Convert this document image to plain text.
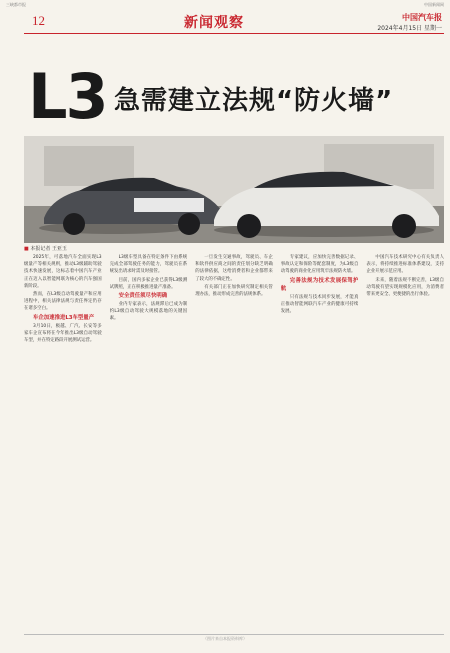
三峡都市报	中国新闻网
12	新闻观察	中国汽车报
2024年4月15日 星期一
L3 急需建立法规“防火墙”
■ 本报记者 王亚玉

2025年，可落地汽车全面实现L3级量产等相关规则，推动L3级辅助驾驶技术快速发展，这标志着中国汽车产业正在迈入以智能网联为核心的汽车强国新阶段。

然而，在L3级自动驾驶量产和应用进程中，相关法律法规与责任界定仍存在诸多空白。

车企加速推进L3车型量产

3月10日，极越、广汽、长安等多家车企宣布将在今年推出L3级自动驾驶车型，并在特定路段开展测试运营。

L3级车型具备在特定条件下由系统完成全部驾驶任务的能力，驾驶员在系统发出请求时需及时接管。

目前，国内多家企业已获得L3级测试牌照，正在积极推进量产准备。

安全责任须尽快明确

业内专家表示，法规滞后已成为制约L3级自动驾驶大规模落地的关键因素。

一旦发生交通事故，驾驶员、车企和软件供应商之间的责任划分缺乏明确的法律依据，这给消费者和企业都带来了较大的不确定性。

有关部门正在加快研究制定相关管理办法，推动形成完善的法规体系。

专家建议，应加快完善数据记录、事故认定和保险等配套制度，为L3级自动驾驶的商业化应用筑牢法规防火墙。

完善法规为技术发展保驾护航

只有法规与技术同步发展，才能真正推动智能网联汽车产业的健康可持续发展。

中国汽车技术研究中心有关负责人表示，将持续推进标准体系建设，支持企业开展示范应用。

未来，随着法规不断完善，L3级自动驾驶有望实现规模化应用，为消费者带来更安全、更便捷的出行体验。

（图片来自本报资料库）
